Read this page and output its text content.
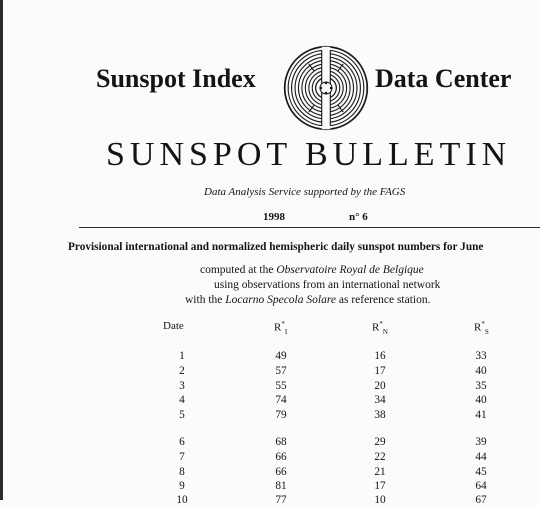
Sunspot Index	Data Center
SUNSPOT BULLETIN
Data Analysis Service supported by the FAGS
1998	n° 6
Provisional international and normalized hemispheric daily sunspot numbers for June
computed at the Observatoire Royal de Belgique
using observations from an international network
with the Locarno Specola Solare as reference station.
Date	$R^*_I$	$R^*_N$	$R^*_S$
1	49	16	33
2	57	17	40
3	55	20	35
4	74	34	40
5	79	38	41
6	68	29	39
7	66	22	44
8	66	21	45
9	81	17	64
10	77	10	67
